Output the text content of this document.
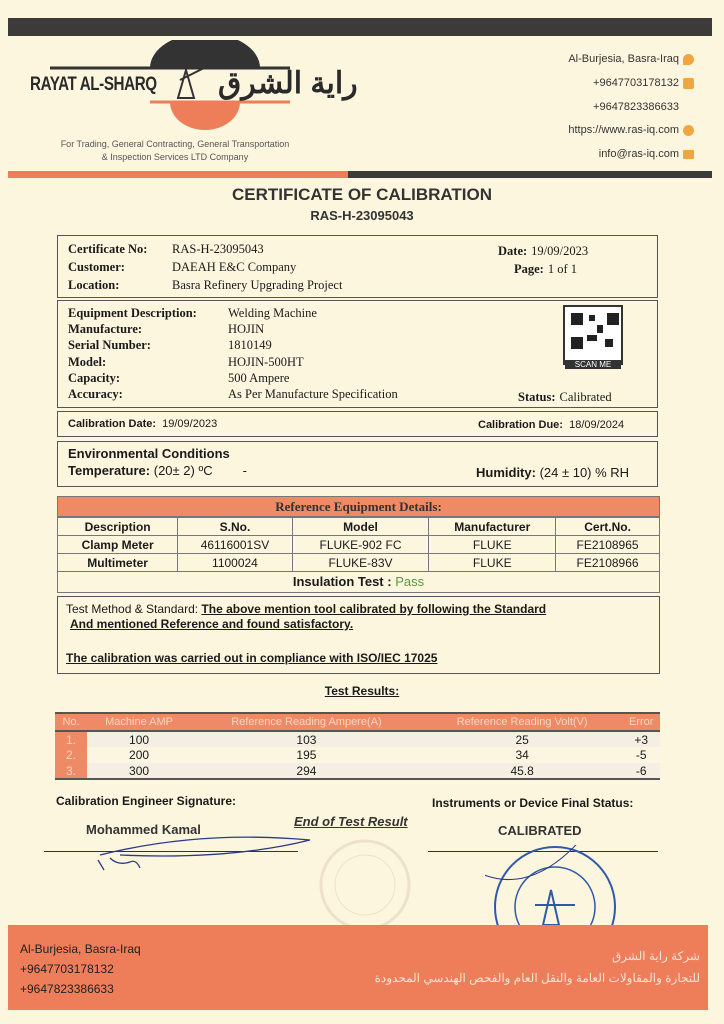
RAYAT AL-SHARQ راية الشرق
For Trading, General Contracting, General Transportation
& Inspection Services LTD Company
Al-Burjesia, Basra-Iraq
+9647703178132
+9647823386633
https://www.ras-iq.com
info@ras-iq.com
CERTIFICATE OF CALIBRATION
RAS-H-23095043
Certificate No: RAS-H-23095043
Customer:	DAEAH E&C Company
Location:	Basra Refinery Upgrading Project
Date: 19/09/2023
Page: 1 of 1
Equipment Description: Welding Machine
Manufacture:	HOJIN
Serial Number:	1810149
Model:	HOJIN-500HT
Capacity:	500 Ampere
Accuracy:	As Per Manufacture Specification
SCAN ME
Status: Calibrated
Calibration Date: 19/09/2023	Calibration Due: 18/09/2024
Environmental Conditions
Temperature: (20± 2) ºC -	Humidity: (24 ± 10) % RH
Reference Equipment Details:
Description	S.No.	Model	Manufacturer	Cert.No.
Clamp Meter	46116001SV	FLUKE-902 FC	FLUKE	FE2108965
Multimeter	1100024	FLUKE-83V	FLUKE	FE2108966
Insulation Test : Pass
Test Method & Standard: The above mention tool calibrated by following the Standard
And mentioned Reference and found satisfactory.
The calibration was carried out in compliance with ISO/IEC 17025
Test Results:
No.	Machine AMP	Reference Reading Ampere(A)	Reference Reading Volt(V)	Error
1.	100	103	25	+3
2.	200	195	34	-5
3.	300	294	45.8	-6
Calibration Engineer Signature:	Instruments or Device Final Status:
Mohammed Kamal
End of Test Result
CALIBRATED
Al-Burjesia, Basra-Iraq
+9647703178132
+9647823386633
شركة راية الشرق
للتجارة والمقاولات العامة والنقل العام والفحص الهندسي المحدودة
